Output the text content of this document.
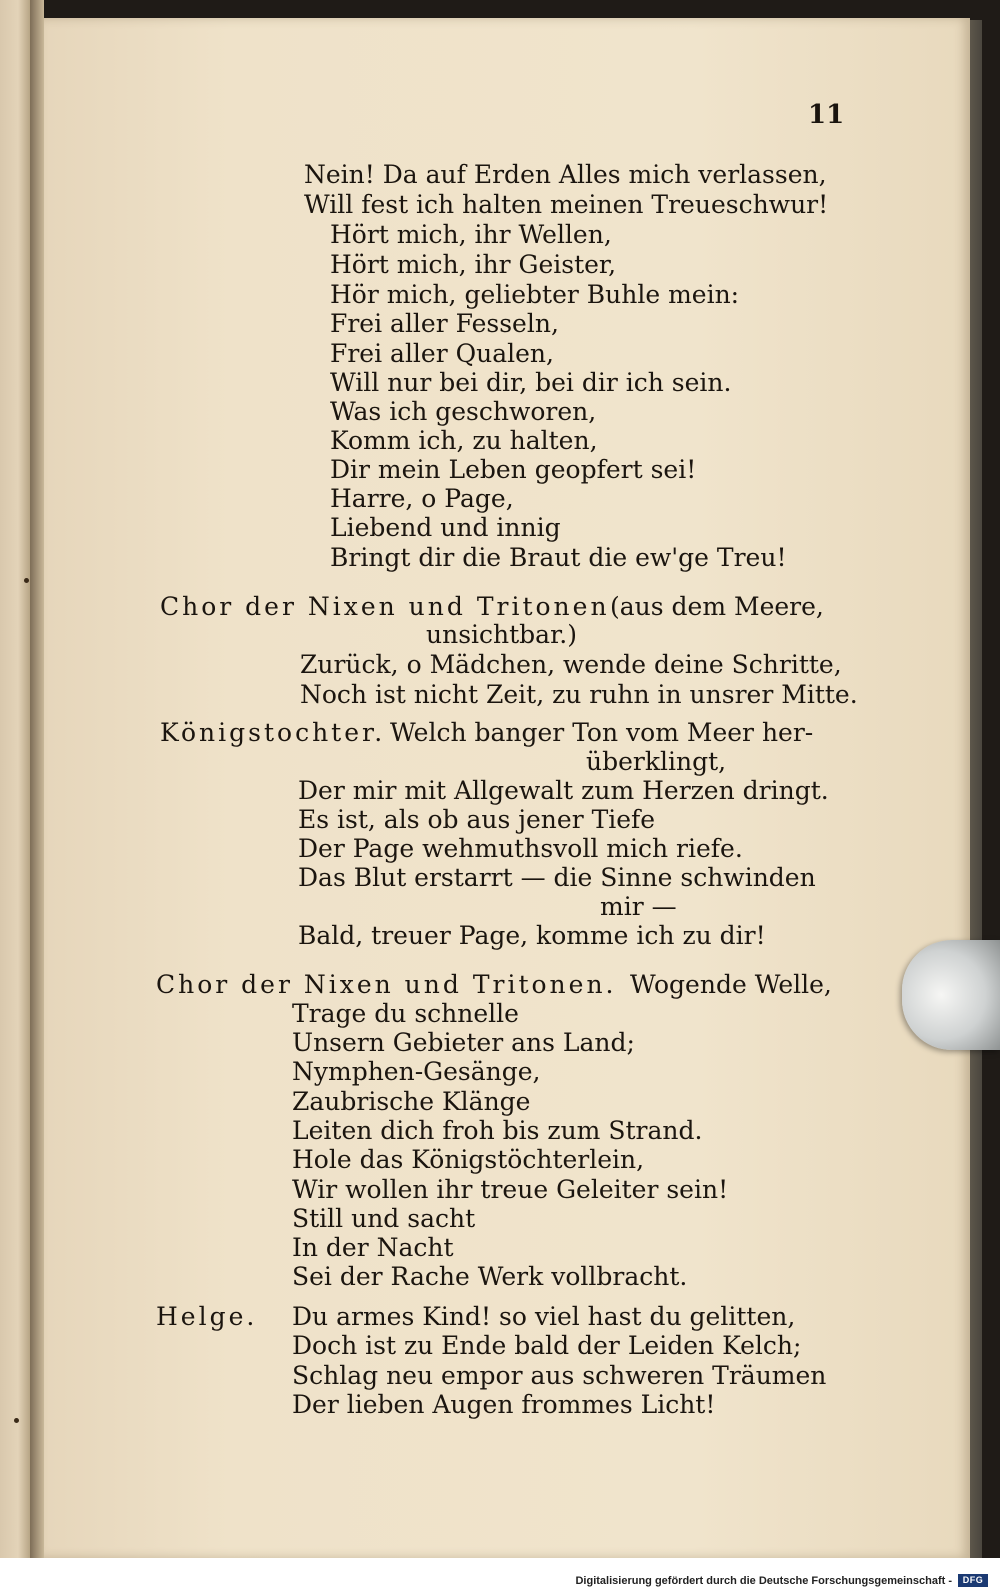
11
Nein! Da auf Erden Alles mich verlassen,
Will fest ich halten meinen Treueschwur!
Hört mich, ihr Wellen,
Hört mich, ihr Geister,
Hör mich, geliebter Buhle mein:
Frei aller Fesseln,
Frei aller Qualen,
Will nur bei dir, bei dir ich sein.
Was ich geschworen,
Komm ich, zu halten,
Dir mein Leben geopfert sei!
Harre, o Page,
Liebend und innig
Bringt dir die Braut die ew'ge Treu!
Chor der Nixen und Tritonen (aus dem Meere,
unsichtbar.)
Zurück, o Mädchen, wende deine Schritte,
Noch ist nicht Zeit, zu ruhn in unsrer Mitte.
Königstochter. Welch banger Ton vom Meer her-
überklingt,
Der mir mit Allgewalt zum Herzen dringt.
Es ist, als ob aus jener Tiefe
Der Page wehmuthsvoll mich riefe.
Das Blut erstarrt — die Sinne schwinden
mir —
Bald, treuer Page, komme ich zu dir!
Chor der Nixen und Tritonen. Wogende Welle,
Trage du schnelle
Unsern Gebieter ans Land;
Nymphen-Gesänge,
Zaubrische Klänge
Leiten dich froh bis zum Strand.
Hole das Königstöchterlein,
Wir wollen ihr treue Geleiter sein!
Still und sacht
In der Nacht
Sei der Rache Werk vollbracht.
Helge. Du armes Kind! so viel hast du gelitten,
Doch ist zu Ende bald der Leiden Kelch;
Schlag neu empor aus schweren Träumen
Der lieben Augen frommes Licht!
Digitalisierung gefördert durch die Deutsche Forschungsgemeinschaft -	DFG
